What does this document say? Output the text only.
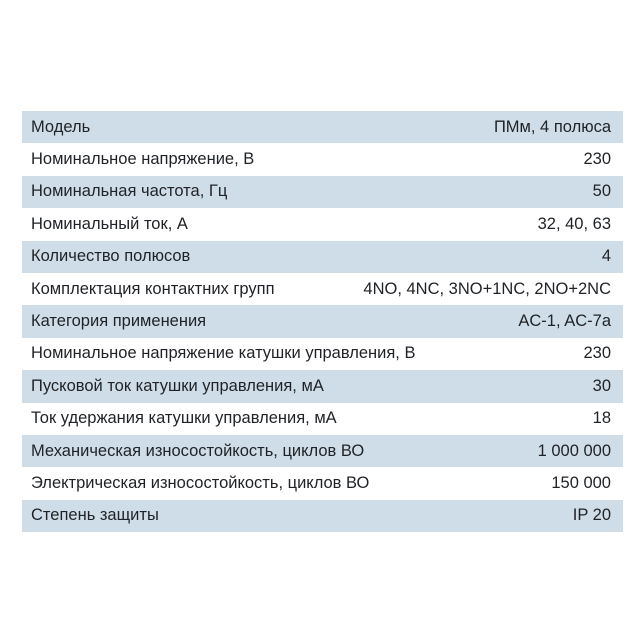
Модель	ПМм, 4 полюса
Номинальное напряжение, В	230
Номинальная частота, Гц	50
Номинальный ток, А	32, 40, 63
Количество полюсов	4
Комплектация контактних групп	4NO, 4NC, 3NO+1NC, 2NO+2NC
Категория применения	AC-1, AC-7a
Номинальное напряжение катушки управления, В	230
Пусковой ток катушки управления, мА	30
Ток удержания катушки управления, мА	18
Механическая износостойкость, циклов ВО	1 000 000
Электрическая износостойкость, циклов ВО	150 000
Степень защиты	IP 20
